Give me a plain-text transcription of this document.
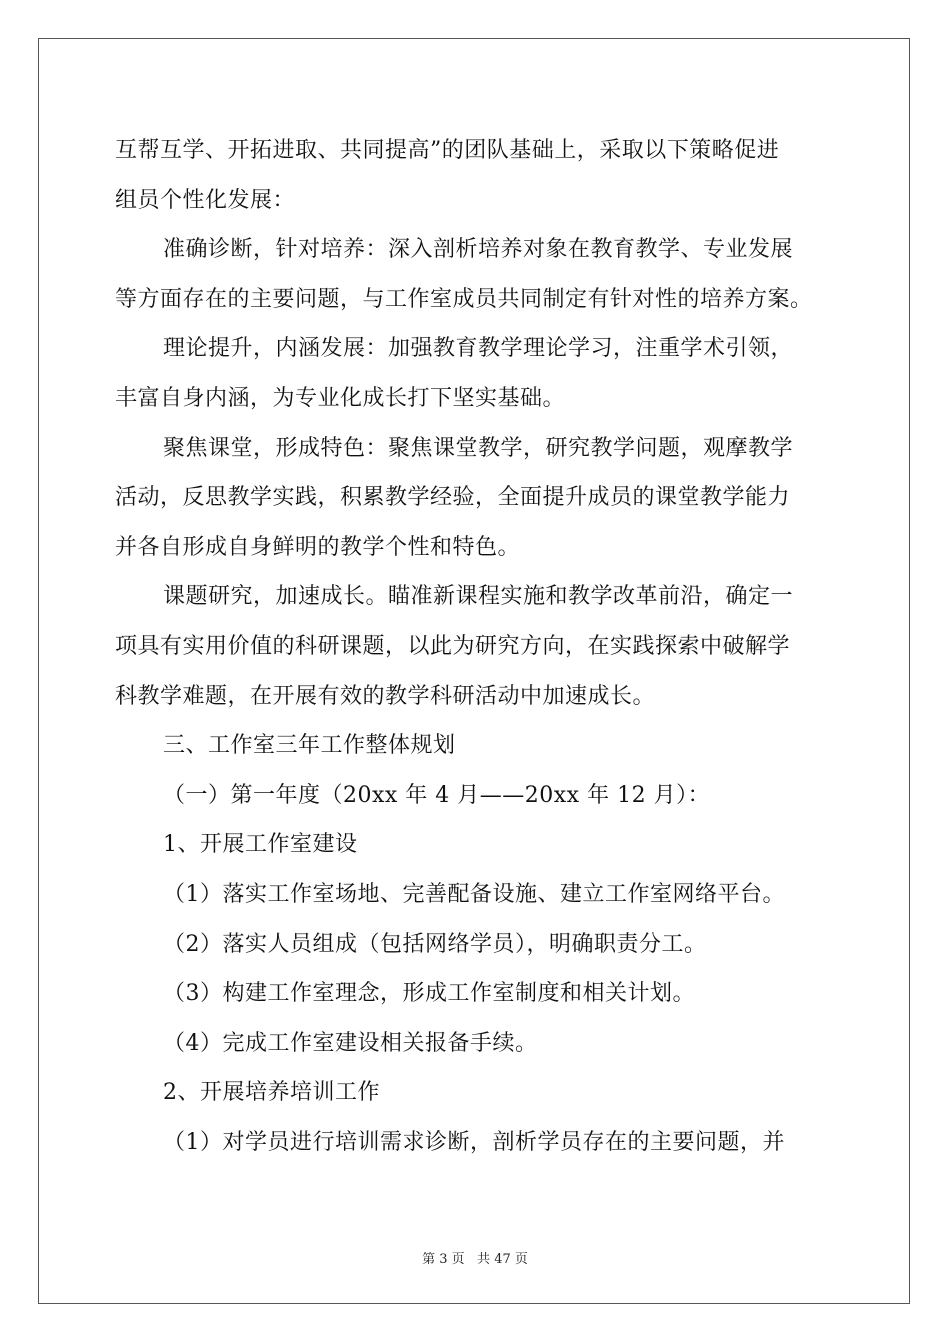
互帮互学、开拓进取、共同提高”的团队基础上，采取以下策略促进
组员个性化发展：
准确诊断，针对培养：深入剖析培养对象在教育教学、专业发展
等方面存在的主要问题，与工作室成员共同制定有针对性的培养方案。
理论提升，内涵发展：加强教育教学理论学习，注重学术引领，
丰富自身内涵，为专业化成长打下坚实基础。
聚焦课堂，形成特色：聚焦课堂教学，研究教学问题，观摩教学
活动，反思教学实践，积累教学经验，全面提升成员的课堂教学能力
并各自形成自身鲜明的教学个性和特色。
课题研究，加速成长。瞄准新课程实施和教学改革前沿，确定一
项具有实用价值的科研课题，以此为研究方向，在实践探索中破解学
科教学难题，在开展有效的教学科研活动中加速成长。
三、工作室三年工作整体规划
（一）第一年度（20xx 年 4 月——20xx 年 12 月）：
1、开展工作室建设
（1）落实工作室场地、完善配备设施、建立工作室网络平台。
（2）落实人员组成（包括网络学员），明确职责分工。
（3）构建工作室理念，形成工作室制度和相关计划。
（4）完成工作室建设相关报备手续。
2、开展培养培训工作
（1）对学员进行培训需求诊断，剖析学员存在的主要问题，并
第 3 页   共 47 页
